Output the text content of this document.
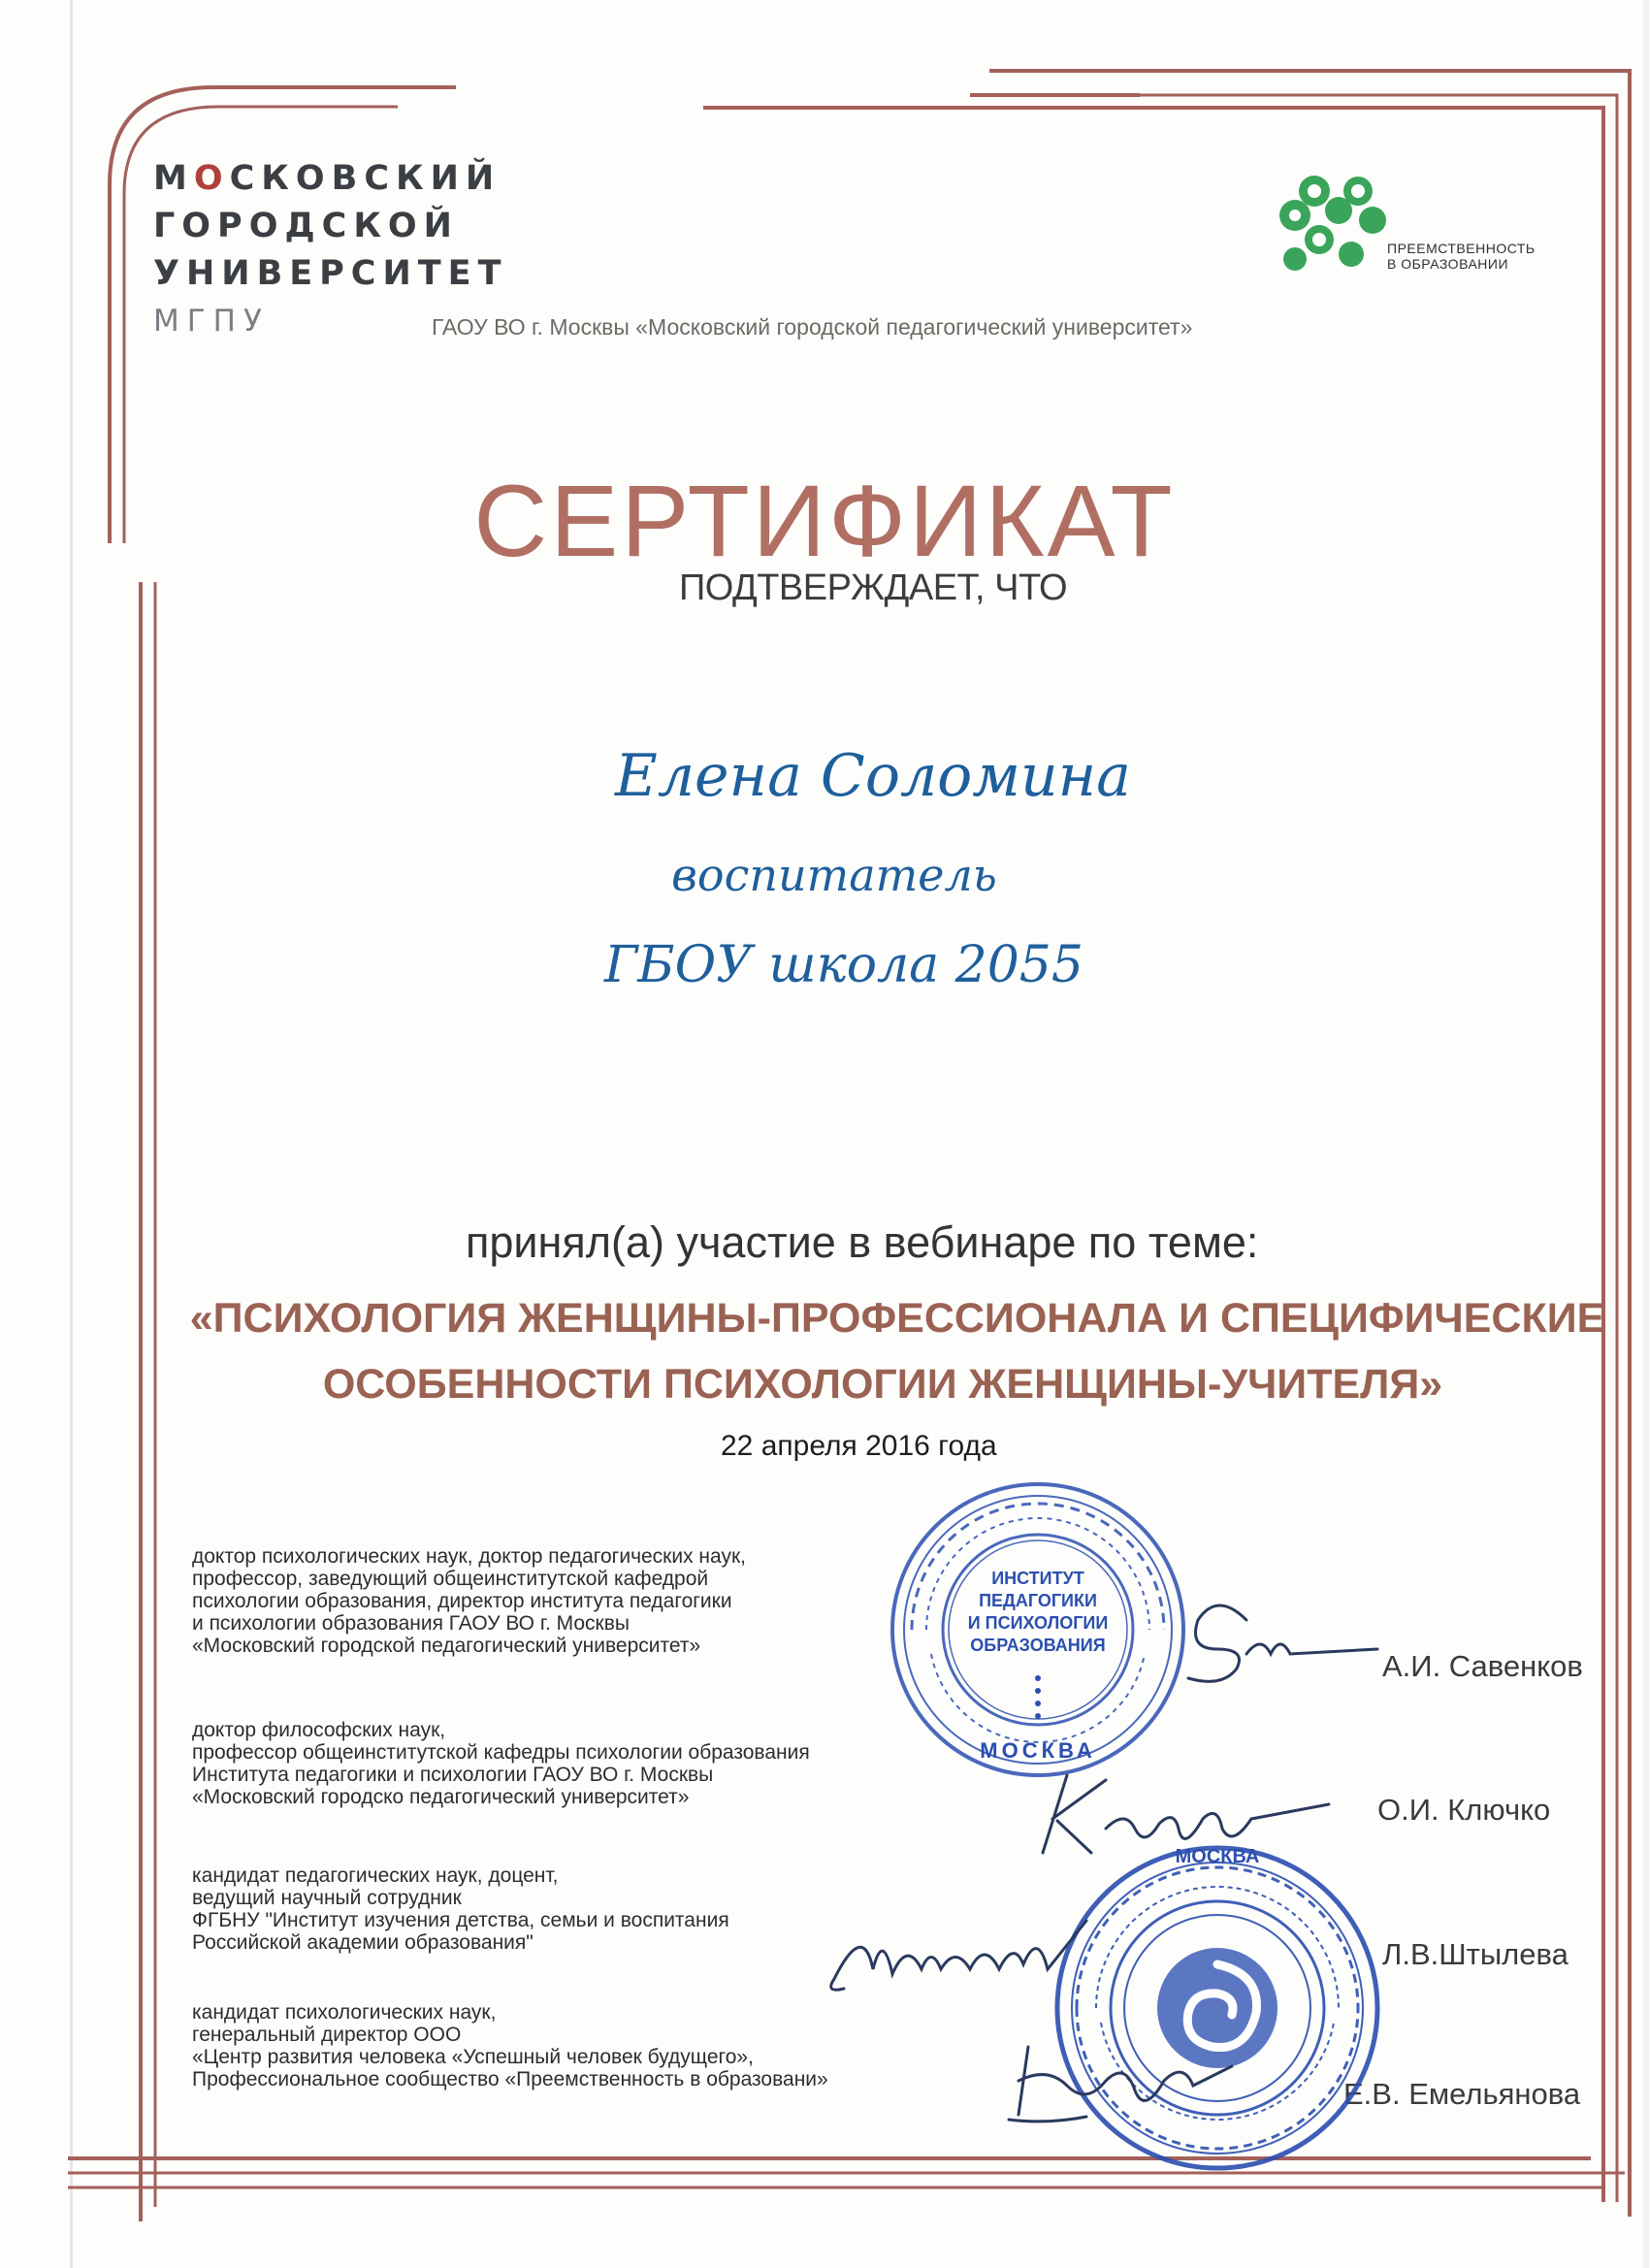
МОСКОВСКИЙ
ГОРОДСКОЙ
УНИВЕРСИТЕТ
МГПУ	ГАОУ ВО г. Москвы «Московский городской педагогический университет»
ПРЕЕМСТВЕННОСТЬ
В ОБРАЗОВАНИИ
СЕРТИФИКАТ
ПОДТВЕРЖДАЕТ, ЧТО
Елена Соломина
воспитатель
ГБОУ школа 2055
принял(а) участие в вебинаре по теме:
«ПСИХОЛОГИЯ ЖЕНЩИНЫ-ПРОФЕССИОНАЛА И СПЕЦИФИЧЕСКИЕ
ОСОБЕННОСТИ ПСИХОЛОГИИ ЖЕНЩИНЫ-УЧИТЕЛЯ»
22 апреля 2016 года
доктор психологических наук, доктор педагогических наук,
профессор, заведующий общеинститутской кафедрой
психологии образования, директор института педагогики
и психологии образования ГАОУ ВО г. Москвы
«Московский городской педагогический университет»
А.И. Савенков
доктор философских наук,
профессор общеинститутской кафедры психологии образования
Института педагогики и психологии ГАОУ ВО г. Москвы
«Московский городско педагогический университет»	О.И. Ключко
кандидат педагогических наук, доцент,
ведущий научный сотрудник
ФГБНУ "Институт изучения детства, семьи и воспитания
Российской академии образования"	Л.В.Штылева
кандидат психологических наук,
генеральный директор ООО
«Центр развития человека «Успешный человек будущего»,
Профессиональное сообщество «Преемственность в образовани»	Е.В. Емельянова
ИНСТИТУТ
ПЕДАГОГИКИ
И ПСИХОЛОГИИ
ОБРАЗОВАНИЯ
МОСКВА
МОСКВА
